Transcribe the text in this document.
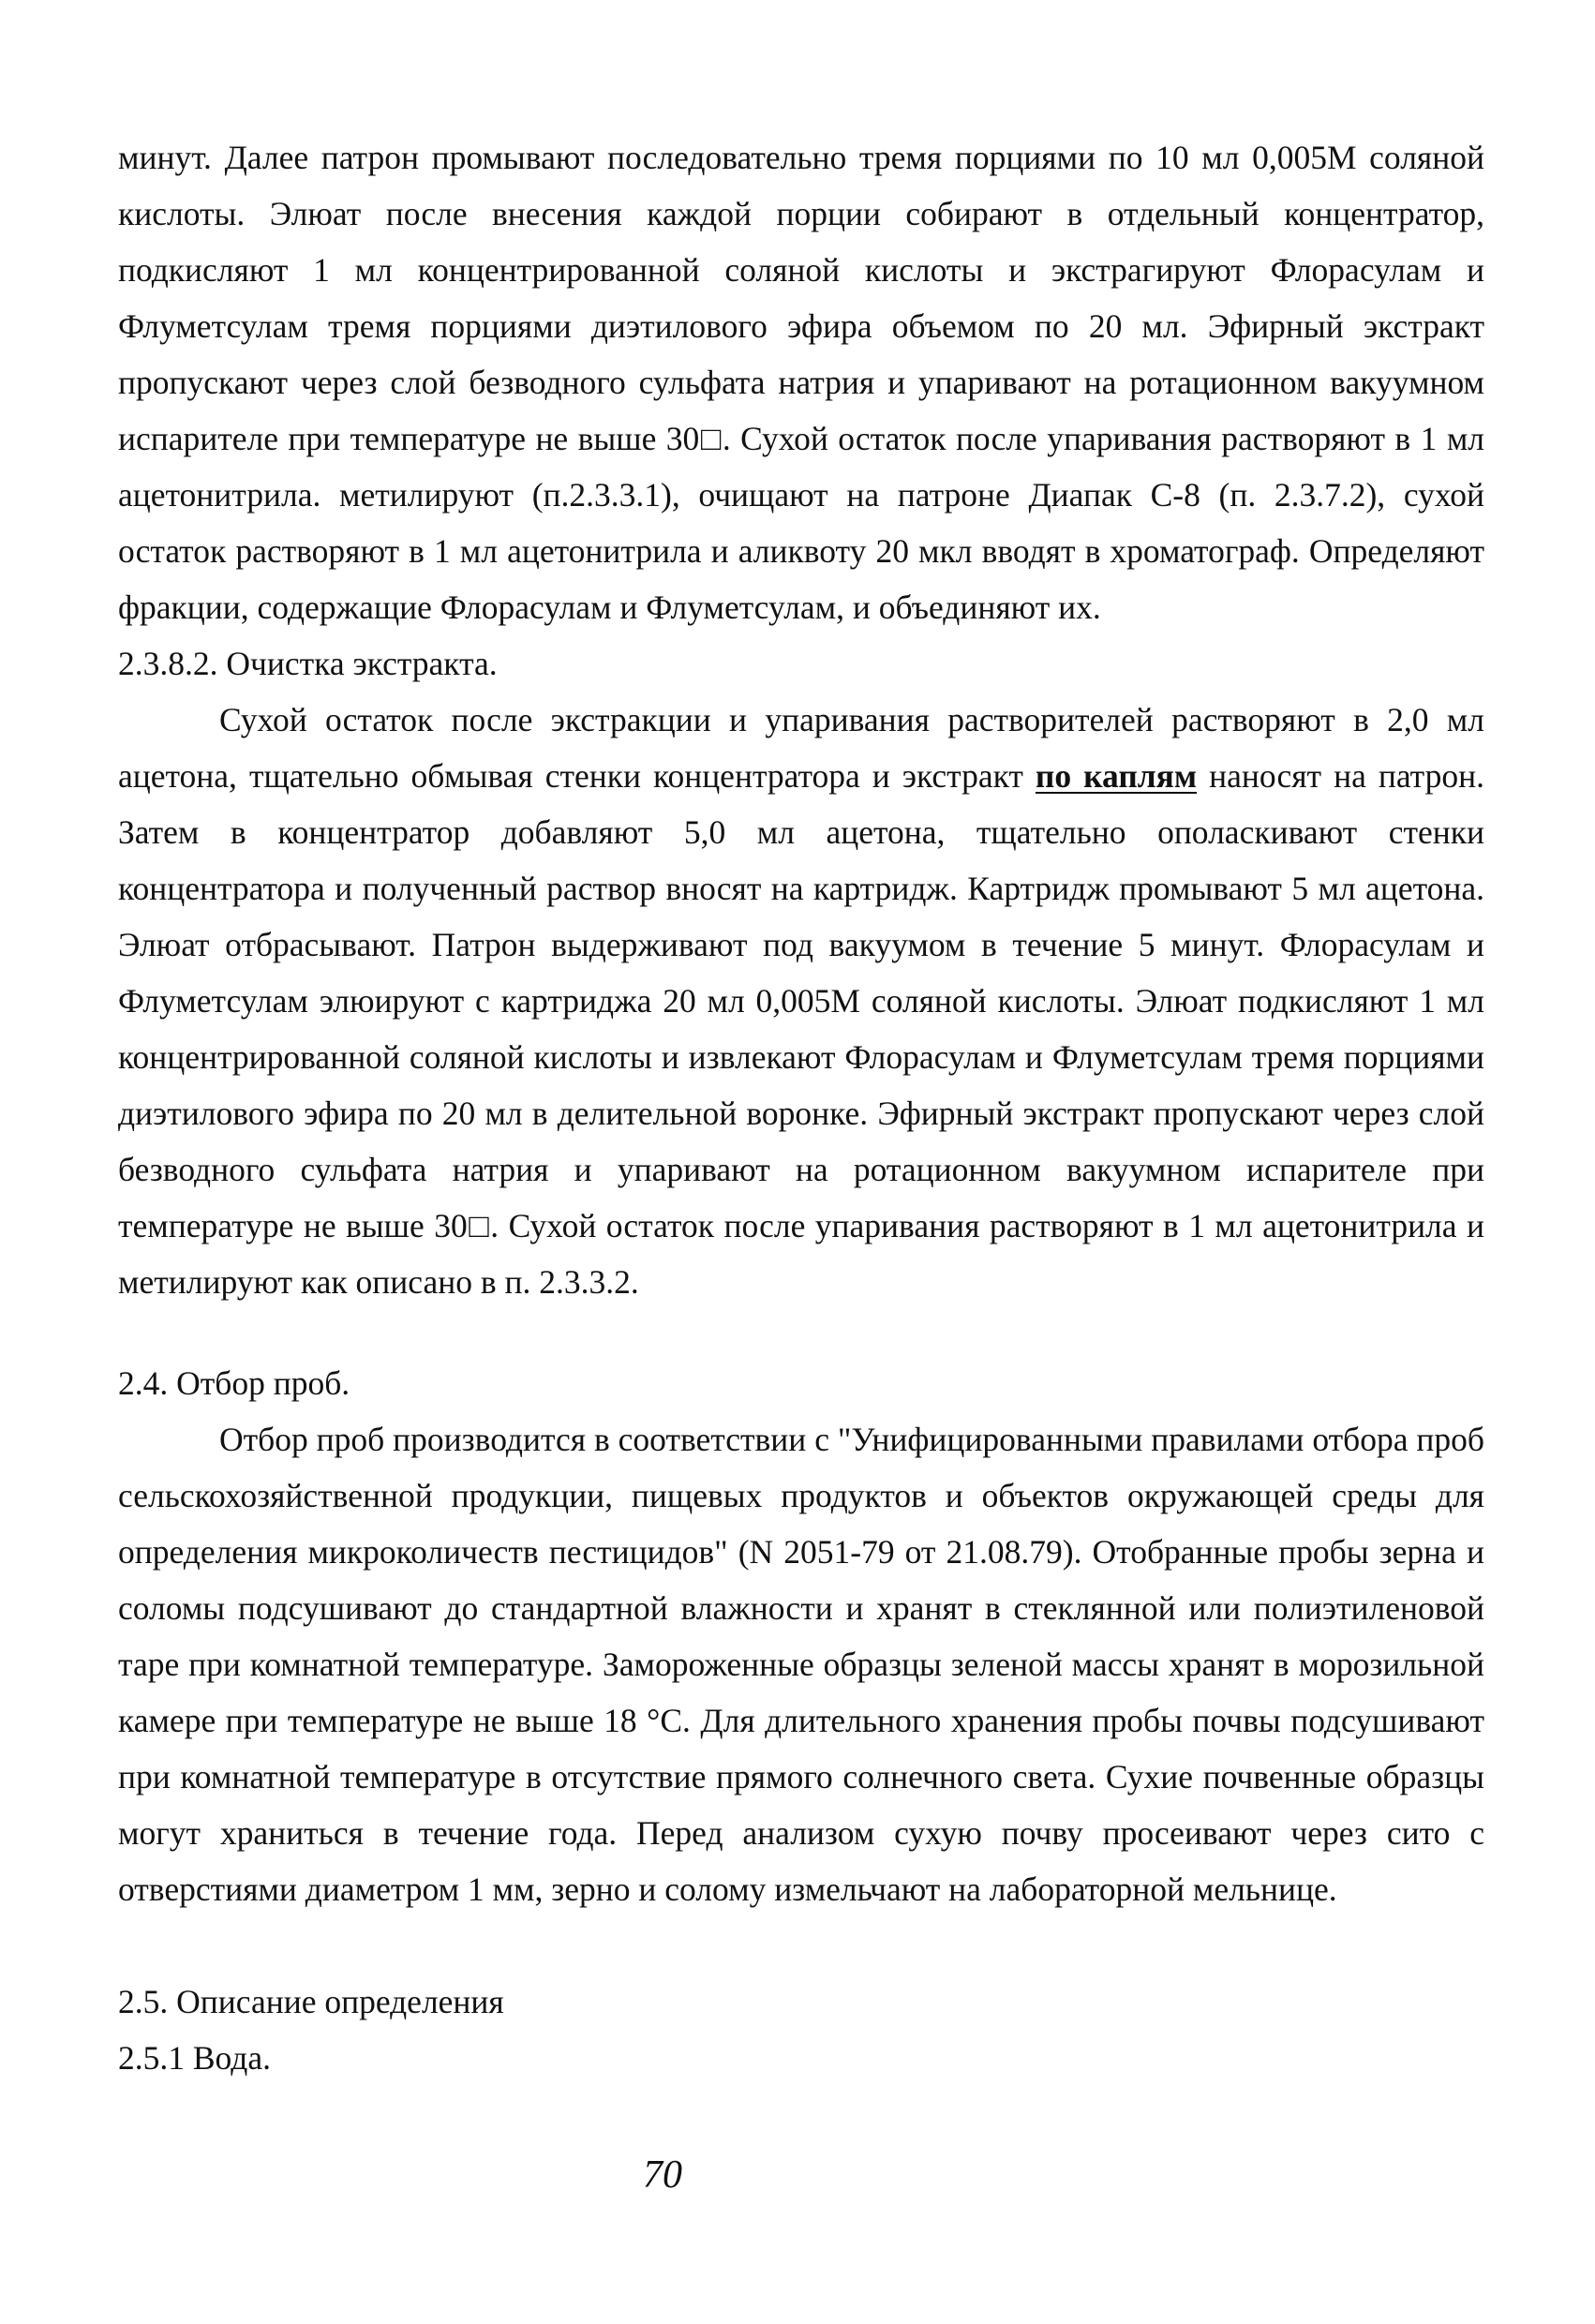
минут. Далее патрон промывают последовательно тремя порциями по 10 мл 0,005М соляной кислоты. Элюат после внесения каждой порции собирают в отдельный концентратор, подкисляют 1 мл концентрированной соляной кислоты и экстрагируют Флорасулам и Флуметсулам тремя порциями диэтилового эфира объемом по 20 мл. Эфирный экстракт пропускают через слой безводного сульфата натрия и упаривают на ротационном вакуумном испарителе при температуре не выше 30□. Сухой остаток после упаривания растворяют в 1 мл ацетонитрила. метилируют (п.2.3.3.1), очищают на патроне Диапак С-8 (п. 2.3.7.2), сухой остаток растворяют в 1 мл ацетонитрила и аликвоту 20 мкл вводят в хроматограф. Определяют фракции, содержащие Флорасулам и Флуметсулам, и объединяют их.

2.3.8.2. Очистка экстракта.

Сухой остаток после экстракции и упаривания растворителей растворяют в 2,0 мл ацетона, тщательно обмывая стенки концентратора и экстракт по каплям наносят на патрон. Затем в концентратор добавляют 5,0 мл ацетона, тщательно ополаскивают стенки концентратора и полученный раствор вносят на картридж. Картридж промывают 5 мл ацетона. Элюат отбрасывают. Патрон выдерживают под вакуумом в течение 5 минут. Флорасулам и Флуметсулам элюируют с картриджа 20 мл 0,005М соляной кислоты. Элюат подкисляют 1 мл концентрированной соляной кислоты и извлекают Флорасулам и Флуметсулам тремя порциями диэтилового эфира по 20 мл в делительной воронке. Эфирный экстракт пропускают через слой безводного сульфата натрия и упаривают на ротационном вакуумном испарителе при температуре не выше 30□. Сухой остаток после упаривания растворяют в 1 мл ацетонитрила и метилируют как описано в п. 2.3.3.2.

2.4. Отбор проб.

Отбор проб производится в соответствии с "Унифицированными правилами отбора проб сельскохозяйственной продукции, пищевых продуктов и объектов окружающей среды для определения микроколичеств пестицидов" (N 2051-79 от 21.08.79). Отобранные пробы зерна и соломы подсушивают до стандартной влажности и хранят в стеклянной или полиэтиленовой таре при комнатной температуре. Замороженные образцы зеленой массы хранят в морозильной камере при температуре не выше 18 °С. Для длительного хранения пробы почвы подсушивают при комнатной температуре в отсутствие прямого солнечного света. Сухие почвенные образцы могут храниться в течение года. Перед анализом сухую почву просеивают через сито с отверстиями диаметром 1 мм, зерно и солому измельчают на лабораторной мельнице.

2.5. Описание определения

2.5.1 Вода.

70
